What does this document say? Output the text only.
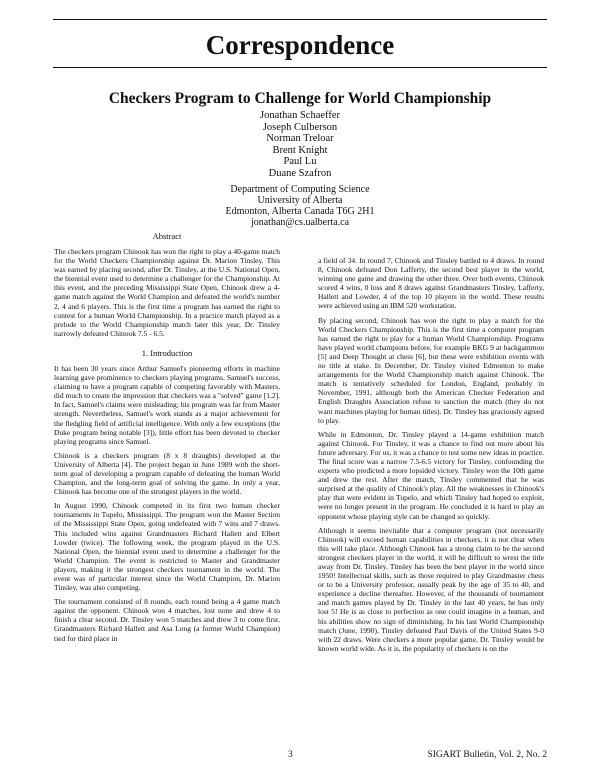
Correspondence
Checkers Program to Challenge for World Championship
Jonathan Schaeffer
Joseph Culberson
Norman Treloar
Brent Knight
Paul Lu
Duane Szafron
Department of Computing Science
University of Alberta
Edmonton, Alberta Canada T6G 2H1
jonathan@cs.ualberta.ca
Abstract

The checkers program Chinook has won the right to play a 40-game match for the World Checkers Championship against Dr. Marion Tinsley. This was earned by placing second, after Dr. Tinsley, at the U.S. National Open, the biennial event used to determine a challenger for the Championship. At this event, and the preceding Mississippi State Open, Chinook drew a 4-game match against the World Champion and defeated the world's number 2, 4 and 6 players. This is the first time a program has earned the right to contest for a human World Championship. In a practice match played as a prelude to the World Championship match later this year, Dr. Tinsley narrowly defeated Chinook 7.5 - 6.5.

1. Introduction

It has been 30 years since Arthur Samuel's pioneering efforts in machine learning gave prominence to checkers playing programs. Samuel's success, claiming to have a program capable of competing favorably with Masters, did much to create the impression that checkers was a "solved" game [1,2]. In fact, Samuel's claims were misleading; his program was far from Master strength. Nevertheless, Samuel's work stands as a major achievement for the fledgling field of artificial intelligence. With only a few exceptions (the Duke program being notable [3]), little effort has been devoted to checker playing programs since Samuel.

Chinook is a checkers program (8 x 8 draughts) developed at the University of Alberta [4]. The project began in June 1989 with the short-term goal of developing a program capable of defeating the human World Champion, and the long-term goal of solving the game. In only a year, Chinook has become one of the strongest players in the world.

In August 1990, Chinook competed in its first two human checker tournaments in Tupelo, Mississippi. The program won the Master Section of the Mississippi State Open, going undefeated with 7 wins and 7 draws. This included wins against Grandmasters Richard Hallett and Elbert Lowder (twice). The following week, the program played in the U.S. National Open, the biennial event used to determine a challenger for the World Champion. The event is restricted to Master and Grandmaster players, making it the strongest checkers tournament in the world. The event was of particular interest since the World Champion, Dr. Marion Tinsley, was also competing.

The tournament consisted of 8 rounds, each round being a 4 game match against the opponent. Chinook won 4 matches, lost none and drew 4 to finish a clear second. Dr. Tinsley won 5 matches and drew 3 to come first. Grandmasters Richard Hallett and Asa Long (a former World Champion) tied for third place in

a field of 34. In round 7, Chinook and Tinsley battled to 4 draws. In round 8, Chinook defeated Don Lafferty, the second best player in the world, winning one game and drawing the other three. Over both events, Chinook scored 4 wins, 0 loss and 8 draws against Grandmasters Tinsley, Lafferty, Hallett and Lowder, 4 of the top 10 players in the world. These results were achieved using an IBM 520 workstation.

By placing second, Chinook has won the right to play a match for the World Checkers Championship. This is the first time a computer program has earned the right to play for a human World Championship. Programs have played world champions before, for example BKG 9 at backgammon [5] and Deep Thought at chess [6], but these were exhibition events with no title at stake. In December, Dr. Tinsley visited Edmonton to make arrangements for the World Championship match against Chinook. The match is tentatively scheduled for London, England, probably in November, 1991, although both the American Checker Federation and English Draughts Association refuse to sanction the match (they do not want machines playing for human titles). Dr. Tinsley has graciously agreed to play.

While in Edmonton, Dr. Tinsley played a 14-game exhibition match against Chinook. For Tinsley, it was a chance to find out more about his future adversary. For us, it was a chance to test some new ideas in practice. The final score was a narrow 7.5-6.5 victory for Tinsley, confounding the experts who predicted a more lopsided victory. Tinsley won the 10th game and drew the rest. After the match, Tinsley commented that he was surprised at the quality of Chinook's play. All the weaknesses in Chinook's play that were evident in Tupelo, and which Tinsley had hoped to exploit, were no longer present in the program. He concluded it is hard to play an opponent whose playing style can be changed so quickly.

Although it seems inevitable that a computer program (not necessarily Chinook) will exceed human capabilities in checkers, it is not clear when this will take place. Although Chinook has a strong claim to be the second strongest checkers player in the world, it will be difficult to wrest the title away from Dr. Tinsley. Tinsley has been the best player in the world since 1950! Intellectual skills, such as those required to play Grandmaster chess or to be a University professor, usually peak by the age of 35 to 40, and experience a decline thereafter. However, of the thousands of tournament and match games played by Dr. Tinsley in the last 40 years, he has only lost 5! He is as close to perfection as one could imagine in a human, and his abilities show no sign of diminishing. In his last World Championship match (June, 1990), Tinsley defeated Paul Davis of the United States 9-0 with 22 draws. Were checkers a more popular game, Dr. Tinsley would be known world wide. As it is, the popularity of checkers is on the

3	SIGART Bulletin, Vol. 2, No. 2
